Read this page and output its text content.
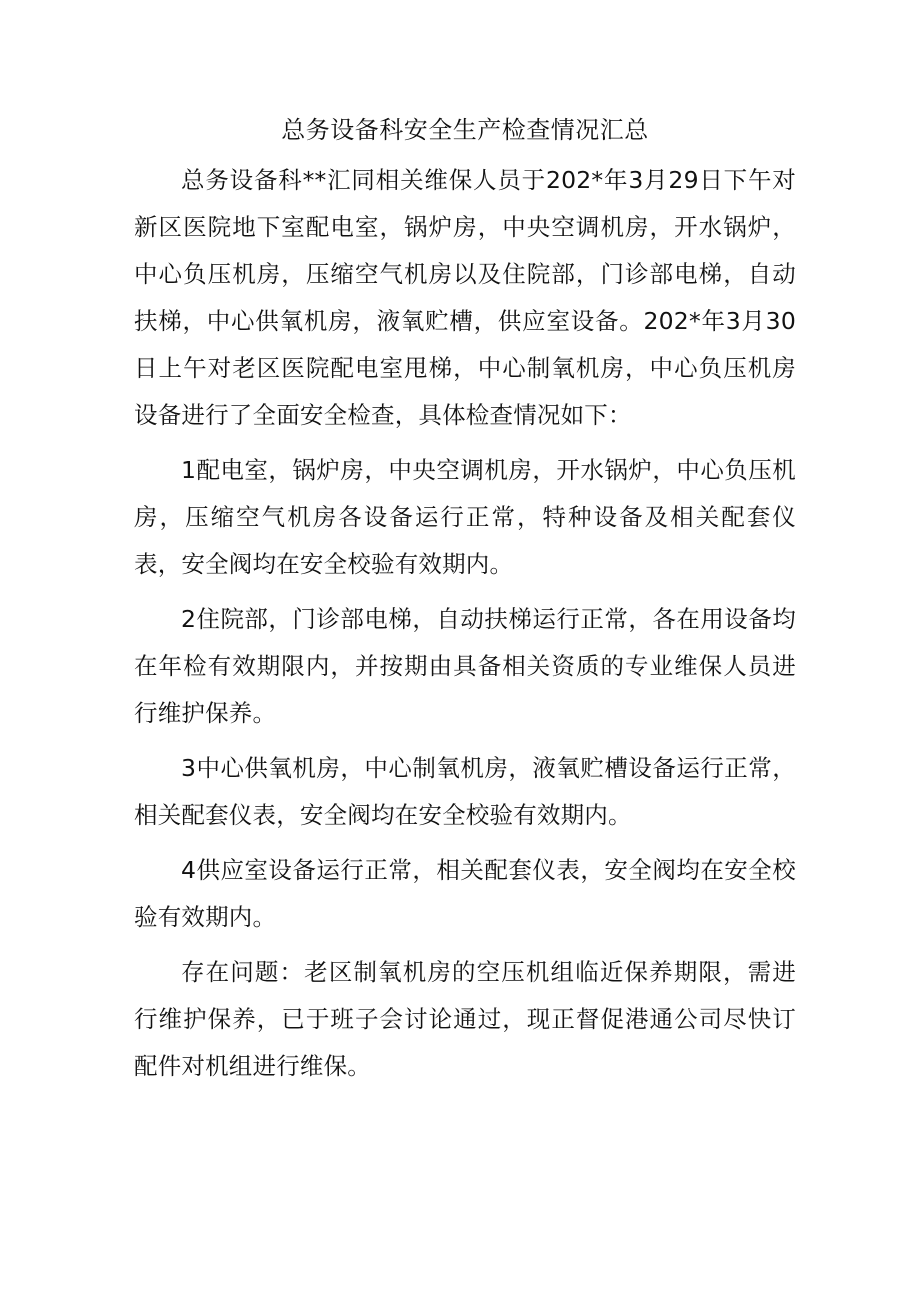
总务设备科安全生产检查情况汇总

总务设备科**汇同相关维保人员于202*年3月29日下午对新区医院地下室配电室，锅炉房，中央空调机房，开水锅炉，中心负压机房，压缩空气机房以及住院部，门诊部电梯，自动扶梯，中心供氧机房，液氧贮槽，供应室设备。202*年3月30日上午对老区医院配电室甩梯，中心制氧机房，中心负压机房设备进行了全面安全检查，具体检查情况如下：

1配电室，锅炉房，中央空调机房，开水锅炉，中心负压机房，压缩空气机房各设备运行正常，特种设备及相关配套仪表，安全阀均在安全校验有效期内。

2住院部，门诊部电梯，自动扶梯运行正常，各在用设备均在年检有效期限内，并按期由具备相关资质的专业维保人员进行维护保养。

3中心供氧机房，中心制氧机房，液氧贮槽设备运行正常，相关配套仪表，安全阀均在安全校验有效期内。

4供应室设备运行正常，相关配套仪表，安全阀均在安全校验有效期内。

存在问题：老区制氧机房的空压机组临近保养期限，需进行维护保养，已于班子会讨论通过，现正督促港通公司尽快订配件对机组进行维保。
